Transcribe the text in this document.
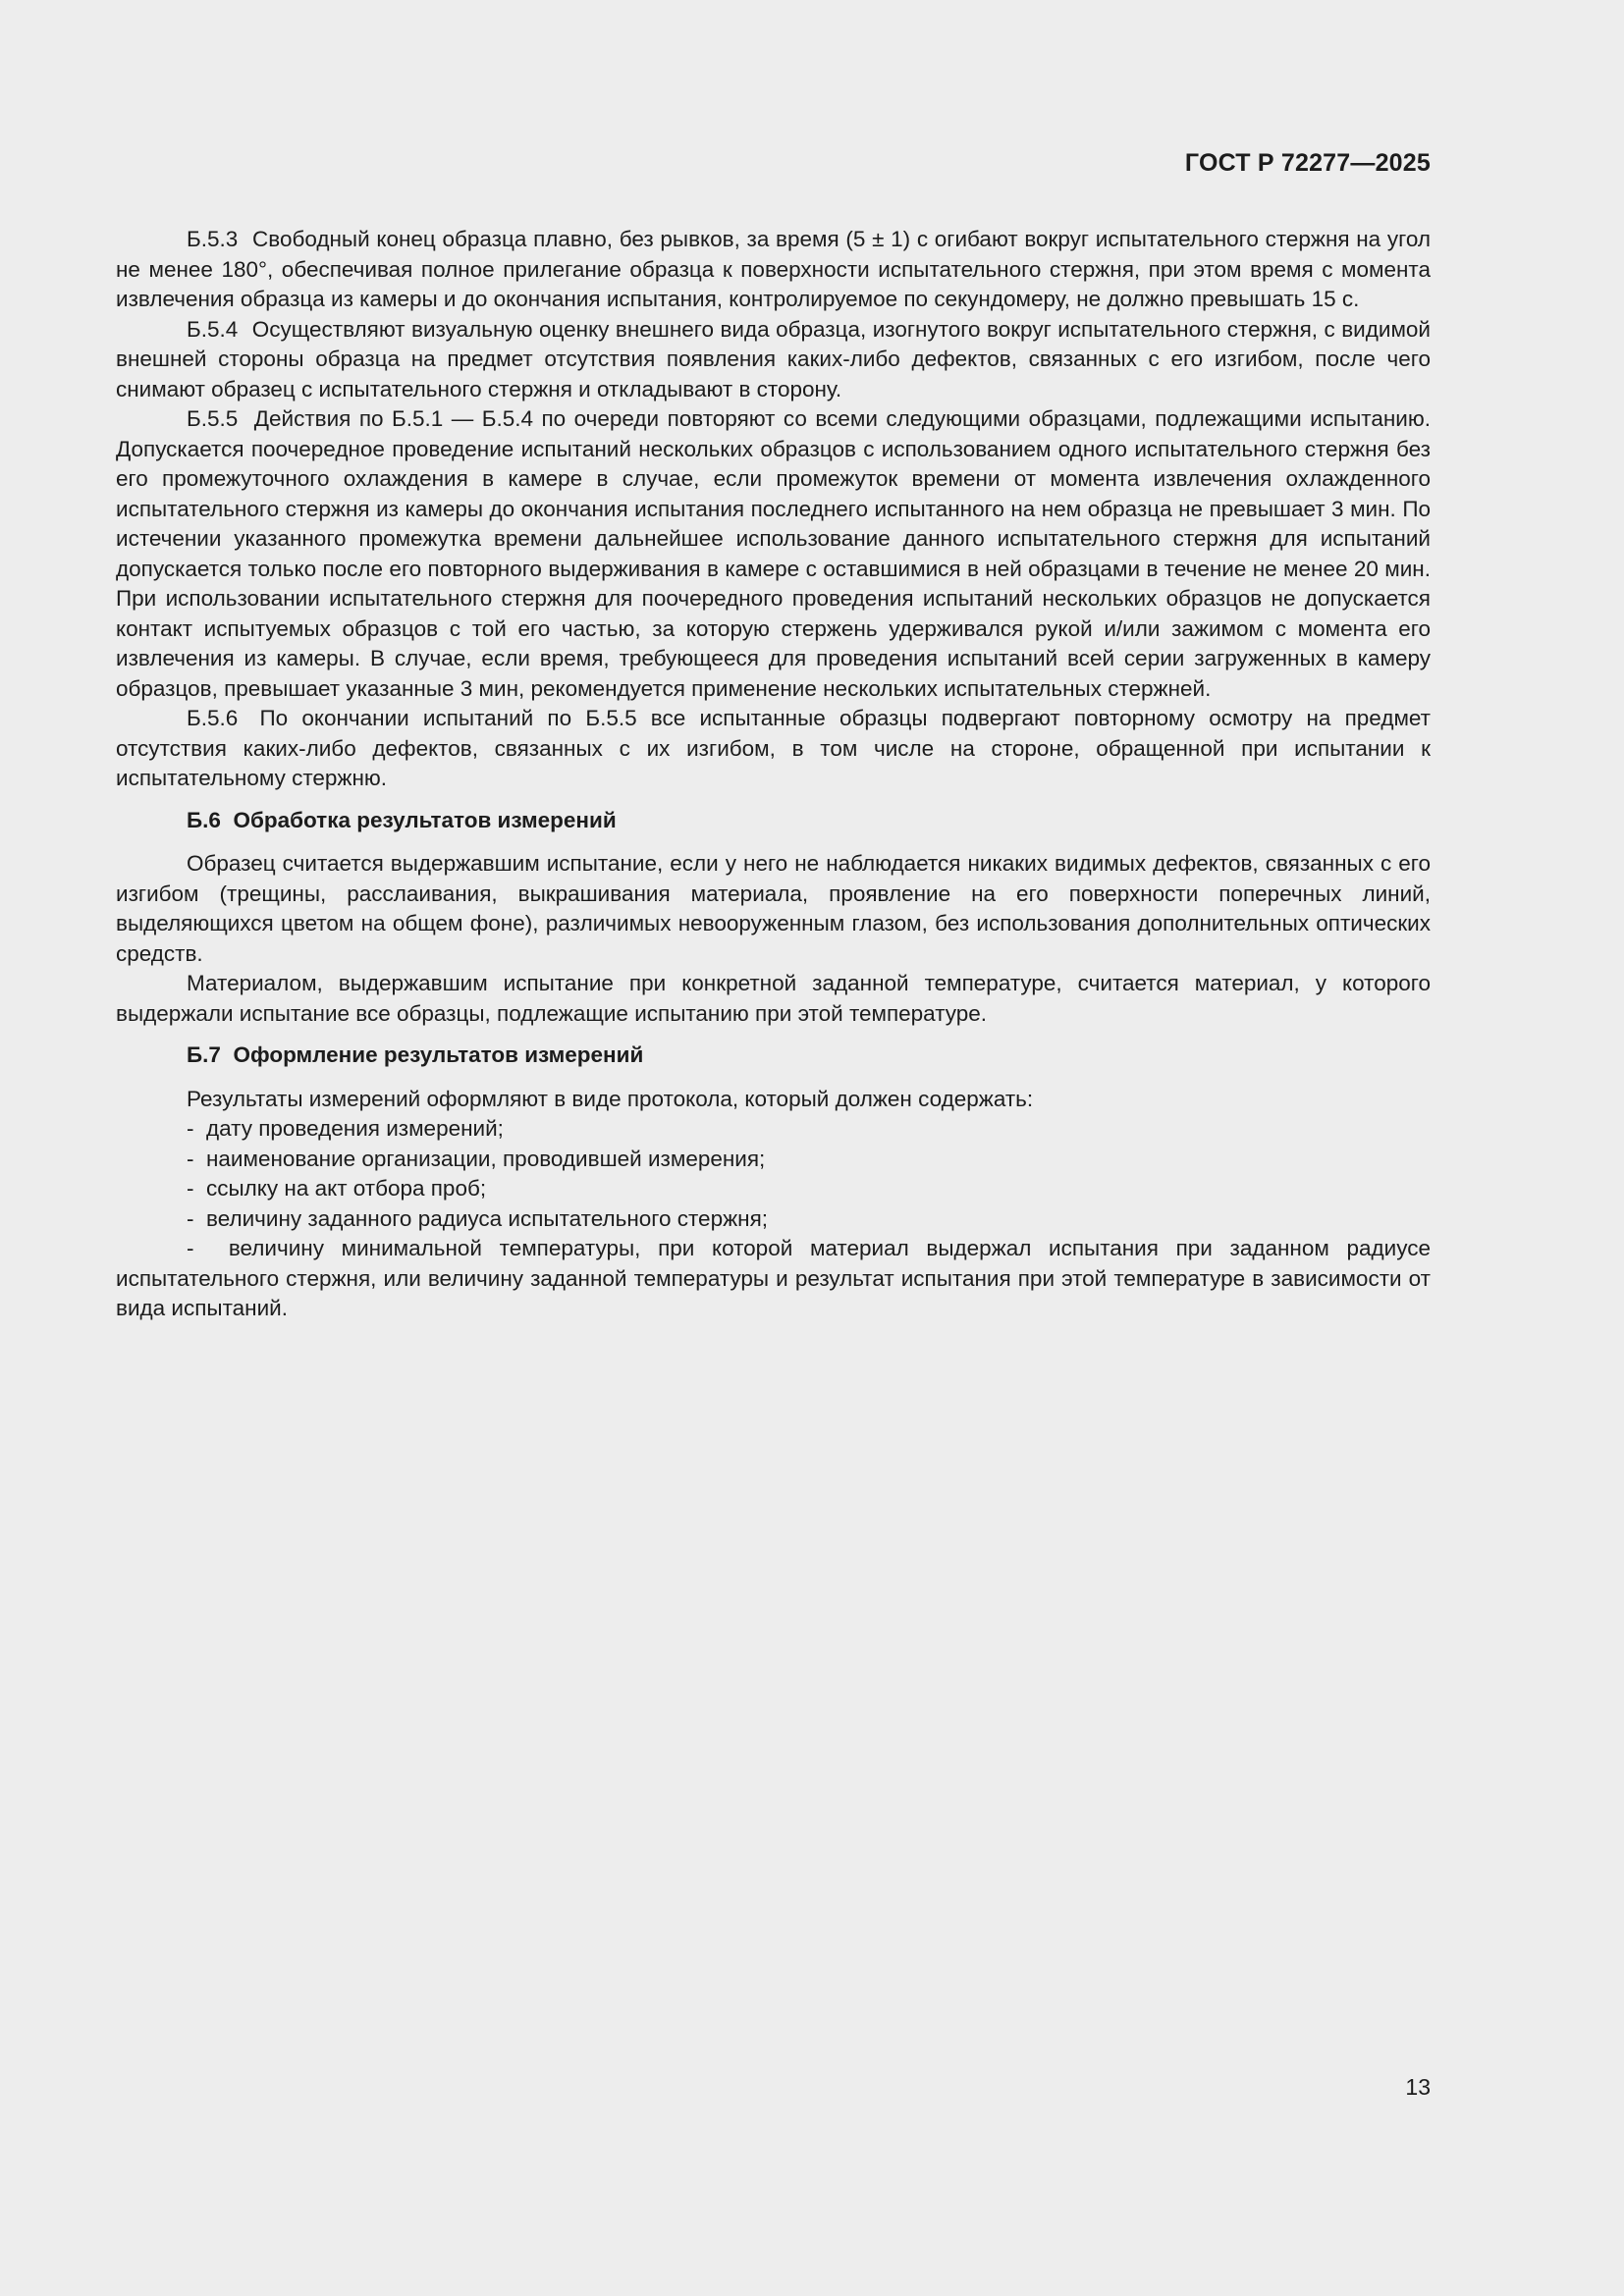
ГОСТ Р 72277—2025

Б.5.3 Свободный конец образца плавно, без рывков, за время (5 ± 1) с огибают вокруг испытательного стержня на угол не менее 180°, обеспечивая полное прилегание образца к поверхности испытательного стержня, при этом время с момента извлечения образца из камеры и до окончания испытания, контролируемое по секундомеру, не должно превышать 15 с.

Б.5.4 Осуществляют визуальную оценку внешнего вида образца, изогнутого вокруг испытательного стержня, с видимой внешней стороны образца на предмет отсутствия появления каких-либо дефектов, связанных с его изгибом, после чего снимают образец с испытательного стержня и откладывают в сторону.

Б.5.5 Действия по Б.5.1 — Б.5.4 по очереди повторяют со всеми следующими образцами, подлежащими испытанию. Допускается поочередное проведение испытаний нескольких образцов с использованием одного испытательного стержня без его промежуточного охлаждения в камере в случае, если промежуток времени от момента извлечения охлажденного испытательного стержня из камеры до окончания испытания последнего испытанного на нем образца не превышает 3 мин. По истечении указанного промежутка времени дальнейшее использование данного испытательного стержня для испытаний допускается только после его повторного выдерживания в камере с оставшимися в ней образцами в течение не менее 20 мин. При использовании испытательного стержня для поочередного проведения испытаний нескольких образцов не допускается контакт испытуемых образцов с той его частью, за которую стержень удерживался рукой и/или зажимом с момента его извлечения из камеры. В случае, если время, требующееся для проведения испытаний всей серии загруженных в камеру образцов, превышает указанные 3 мин, рекомендуется применение нескольких испытательных стержней.

Б.5.6 По окончании испытаний по Б.5.5 все испытанные образцы подвергают повторному осмотру на предмет отсутствия каких-либо дефектов, связанных с их изгибом, в том числе на стороне, обращенной при испытании к испытательному стержню.

Б.6  Обработка результатов измерений

Образец считается выдержавшим испытание, если у него не наблюдается никаких видимых дефектов, связанных с его изгибом (трещины, расслаивания, выкрашивания материала, проявление на его поверхности поперечных линий, выделяющихся цветом на общем фоне), различимых невооруженным глазом, без использования дополнительных оптических средств.

Материалом, выдержавшим испытание при конкретной заданной температуре, считается материал, у которого выдержали испытание все образцы, подлежащие испытанию при этой температуре.

Б.7  Оформление результатов измерений

Результаты измерений оформляют в виде протокола, который должен содержать:

-  дату проведения измерений;

-  наименование организации, проводившей измерения;

-  ссылку на акт отбора проб;

-  величину заданного радиуса испытательного стержня;

-  величину минимальной температуры, при которой материал выдержал испытания при заданном радиусе испытательного стержня, или величину заданной температуры и результат испытания при этой температуре в зависимости от вида испытаний.

13
